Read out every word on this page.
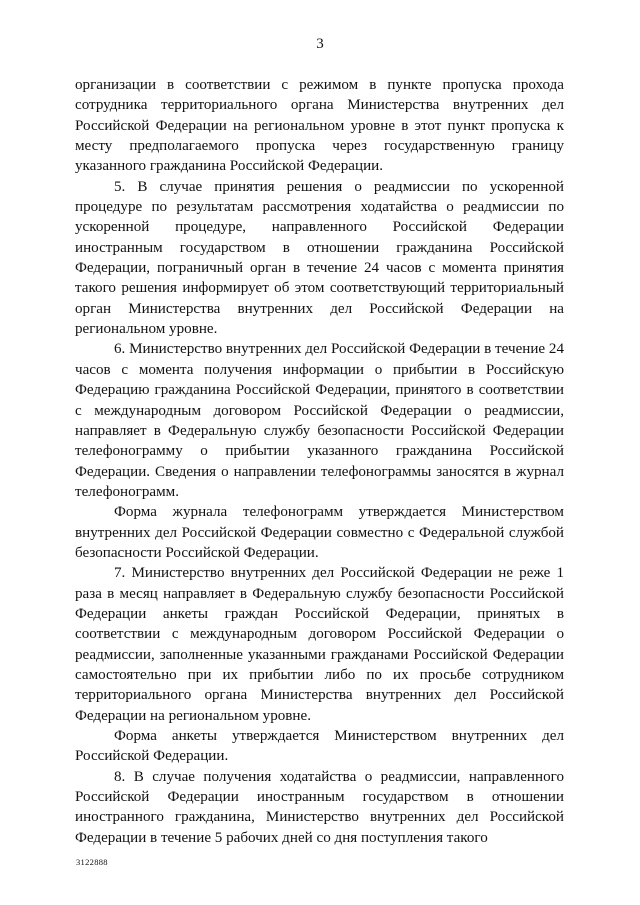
3

организации в соответствии с режимом в пункте пропуска прохода сотрудника территориального органа Министерства внутренних дел Российской Федерации на региональном уровне в этот пункт пропуска к месту предполагаемого пропуска через государственную границу указанного гражданина Российской Федерации.

5. В случае принятия решения о реадмиссии по ускоренной процедуре по результатам рассмотрения ходатайства о реадмиссии по ускоренной процедуре, направленного Российской Федерации иностранным государством в отношении гражданина Российской Федерации, пограничный орган в течение 24 часов с момента принятия такого решения информирует об этом соответствующий территориальный орган Министерства внутренних дел Российской Федерации на региональном уровне.

6. Министерство внутренних дел Российской Федерации в течение 24 часов с момента получения информации о прибытии в Российскую Федерацию гражданина Российской Федерации, принятого в соответствии с международным договором Российской Федерации о реадмиссии, направляет в Федеральную службу безопасности Российской Федерации телефонограмму о прибытии указанного гражданина Российской Федерации. Сведения о направлении телефонограммы заносятся в журнал телефонограмм.

Форма журнала телефонограмм утверждается Министерством внутренних дел Российской Федерации совместно с Федеральной службой безопасности Российской Федерации.

7. Министерство внутренних дел Российской Федерации не реже 1 раза в месяц направляет в Федеральную службу безопасности Российской Федерации анкеты граждан Российской Федерации, принятых в соответствии с международным договором Российской Федерации о реадмиссии, заполненные указанными гражданами Российской Федерации самостоятельно при их прибытии либо по их просьбе сотрудником территориального органа Министерства внутренних дел Российской Федерации на региональном уровне.

Форма анкеты утверждается Министерством внутренних дел Российской Федерации.

8. В случае получения ходатайства о реадмиссии, направленного Российской Федерации иностранным государством в отношении иностранного гражданина, Министерство внутренних дел Российской Федерации в течение 5 рабочих дней со дня поступления такого

3122888
